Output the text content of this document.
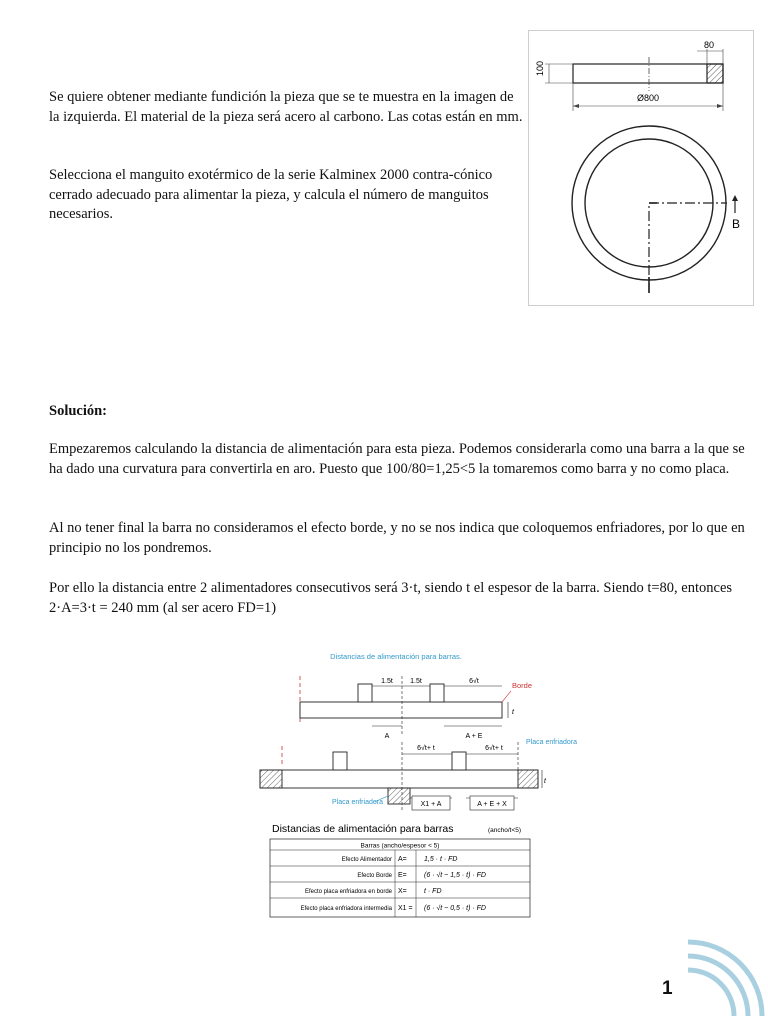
Se quiere obtener mediante fundición la pieza que se te muestra en la imagen de la izquierda. El material de la pieza será acero al carbono. Las cotas están en mm.

Selecciona el manguito exotérmico de la serie Kalminex 2000 contra-cónico cerrado adecuado para alimentar la pieza, y calcula el número de manguitos necesarios.

100
80
Ø800
B

Solución:

Empezaremos calculando la distancia de alimentación para esta pieza. Podemos considerarla como una barra a la que se ha dado una curvatura para convertirla en aro. Puesto que 100/80=1,25<5 la tomaremos como barra y no como placa.

Al no tener final la barra no consideramos el efecto borde, y no se nos indica que coloquemos enfriadores, por lo que en principio no los pondremos.

Por ello la distancia entre 2 alimentadores consecutivos será 3·t, siendo t el espesor de la barra. Siendo t=80, entonces 2·A=3·t = 240 mm (al ser acero FD=1)

Distancias de alimentación para barras.
1.5t 1.5t	6√t	Borde
t
A	A + E
6√t+ t	6√t+ t
Placa enfriadora
t
Placa enfriadora	X1 + A	A + E + X
Distancias de alimentación para barras	(ancho/t<5)
Barras (ancho/espesor < 5)
Efecto Alimentador A= 1,5 · t · FD
Efecto Borde E= (6 · √t − 1,5 · t) · FD
Efecto placa enfriadora en borde X= t · FD
Efecto placa enfriadora intermedia X1 = (6 · √t − 0,5 · t) · FD
1
